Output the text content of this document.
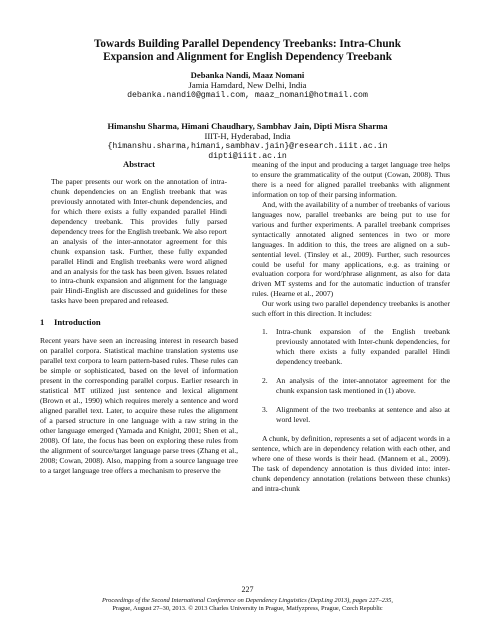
Towards Building Parallel Dependency Treebanks: Intra-Chunk
Expansion and Alignment for English Dependency Treebank
Debanka Nandi, Maaz Nomani
Jamia Hamdard, New Delhi, India
debanka.nandi0@gmail.com, maaz_nomani@hotmail.com
Himanshu Sharma, Himani Chaudhary, Sambhav Jain, Dipti Misra Sharma
IIIT-H, Hyderabad, India
{himanshu.sharma,himani,sambhav.jain}@research.iiit.ac.in
dipti@iiit.ac.in
Abstract

The paper presents our work on the annotation of intra-chunk dependencies on an English treebank that was previously annotated with Inter-chunk dependencies, and for which there exists a fully expanded parallel Hindi dependency treebank. This provides fully parsed dependency trees for the English treebank. We also report an analysis of the inter-annotator agreement for this chunk expansion task. Further, these fully expanded parallel Hindi and English treebanks were word aligned and an analysis for the task has been given. Issues related to intra-chunk expansion and alignment for the language pair Hindi-English are discussed and guidelines for these tasks have been prepared and released.

1 Introduction

Recent years have seen an increasing interest in research based on parallel corpora. Statistical machine translation systems use parallel text corpora to learn pattern-based rules. These rules can be simple or sophisticated, based on the level of information present in the corresponding parallel corpus. Earlier research in statistical MT utilized just sentence and lexical alignment (Brown et al., 1990) which requires merely a sentence and word aligned parallel text. Later, to acquire these rules the alignment of a parsed structure in one language with a raw string in the other language emerged (Yamada and Knight, 2001; Shen et al., 2008). Of late, the focus has been on exploring these rules from the alignment of source/target language parse trees (Zhang et al., 2008; Cowan, 2008). Also, mapping from a source language tree to a target language tree offers a mechanism to preserve the

meaning of the input and producing a target language tree helps to ensure the grammaticality of the output (Cowan, 2008). Thus there is a need for aligned parallel treebanks with alignment information on top of their parsing information.

And, with the availability of a number of treebanks of various languages now, parallel treebanks are being put to use for various and further experiments. A parallel treebank comprises syntactically annotated aligned sentences in two or more languages. In addition to this, the trees are aligned on a sub-sentential level. (Tinsley et al., 2009). Further, such resources could be useful for many applications, e.g. as training or evaluation corpora for word/phrase alignment, as also for data driven MT systems and for the automatic induction of transfer rules. (Hearne et al., 2007)

Our work using two parallel dependency treebanks is another such effort in this direction. It includes:

1.	Intra-chunk expansion of the English treebank previously annotated with Inter-chunk dependencies, for which there exists a fully expanded parallel Hindi dependency treebank.
2.	An analysis of the inter-annotator agreement for the chunk expansion task mentioned in (1) above.
3.	Alignment of the two treebanks at sentence and also at word level.

A chunk, by definition, represents a set of adjacent words in a sentence, which are in dependency relation with each other, and where one of these words is their head. (Mannem et al., 2009). The task of dependency annotation is thus divided into: inter-chunk dependency annotation (relations between these chunks) and intra-chunk

227
Proceedings of the Second International Conference on Dependency Linguistics (DepLing 2013), pages 227–235,
Prague, August 27–30, 2013. © 2013 Charles University in Prague, Matfyzpress, Prague, Czech Republic
